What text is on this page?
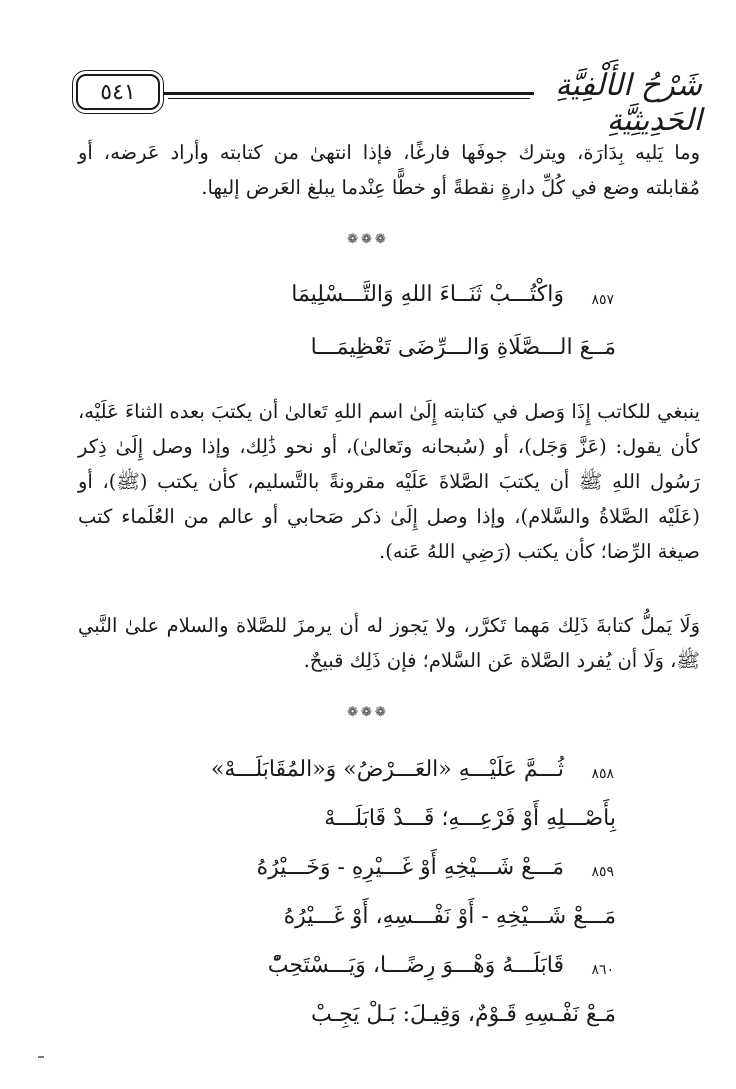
٥٤١	شَرْحُ الأَلْفِيَّةِ الحَدِيثِيَّةِ
وما يَليه بِدَارَة، ويترك جوفَها فارغًا، فإذا انتهىٰ من كتابته وأراد عَرضه، أو مُقابلته وضع في كُلِّ دارةٍ نقطةً أو خطًّا عِنْدما يبلغ العَرض إليها.
❁❁❁
٨٥٧
وَاكْتُـــبْ ثَنَــاءَ اللهِ وَالتَّـــسْلِيمَا
مَــعَ الـــصَّلَاةِ وَالـــرِّضَى تَعْظِيمَـــا
ينبغي للكاتب إِذَا وَصل في كتابته إِلَىٰ اسم اللهِ تَعالىٰ أن يكتبَ بعده الثناءَ عَلَيْه، كأن يقول: (عَزَّ وَجَل)، أو (سُبحانه وتَعالىٰ)، أو نحو ذَٰلِك، وإذا وصل إِلَىٰ ذِكر رَسُول اللهِ ﷺ أن يكتبَ الصَّلاةَ عَلَيْه مقرونةً بالتَّسليم، كأن يكتب (ﷺ)، أو (عَلَيْه الصَّلاةُ والسَّلام)، وإذا وصل إِلَىٰ ذكر صَحابي أو عالم من العُلَماء كتب صيغة الرِّضا؛ كأن يكتب (رَضِي اللهُ عَنه).
وَلَا يَملُّ كتابةَ ذَلِك مَهما تَكرَّر، ولا يَجوز له أن يرمزَ للصَّلاة والسلام علىٰ النَّبي ﷺ، وَلَا أن يُفرد الصَّلاة عَن السَّلام؛ فإن ذَلِك قبيحٌ.
❁❁❁
٨٥٨
ثُـــمَّ عَلَيْـــهِ «العَـــرْضُ» وَ«المُقَابَلَـــهْ»
بِأَصْـــلِهِ أَوْ فَرْعِـــهِ؛ قَـــدْ قَابَلَـــهْ
٨٥٩
مَـــعْ شَـــيْخِهِ أَوْ غَـــيْرِهِ - وَخَـــيْرُهُ
مَـــعْ شَـــيْخِهِ - أَوْ نَفْـــسِهِ، أَوْ غَـــيْرُهُ
٨٦٠
قَابَلَـــهُ وَهْـــوَ رِضًـــا، وَيَـــسْتَحِبّْ
مَـعْ نَفْـسِهِ قَـوْمٌ، وَقِيـلَ: بَـلْ يَجِـبْ
